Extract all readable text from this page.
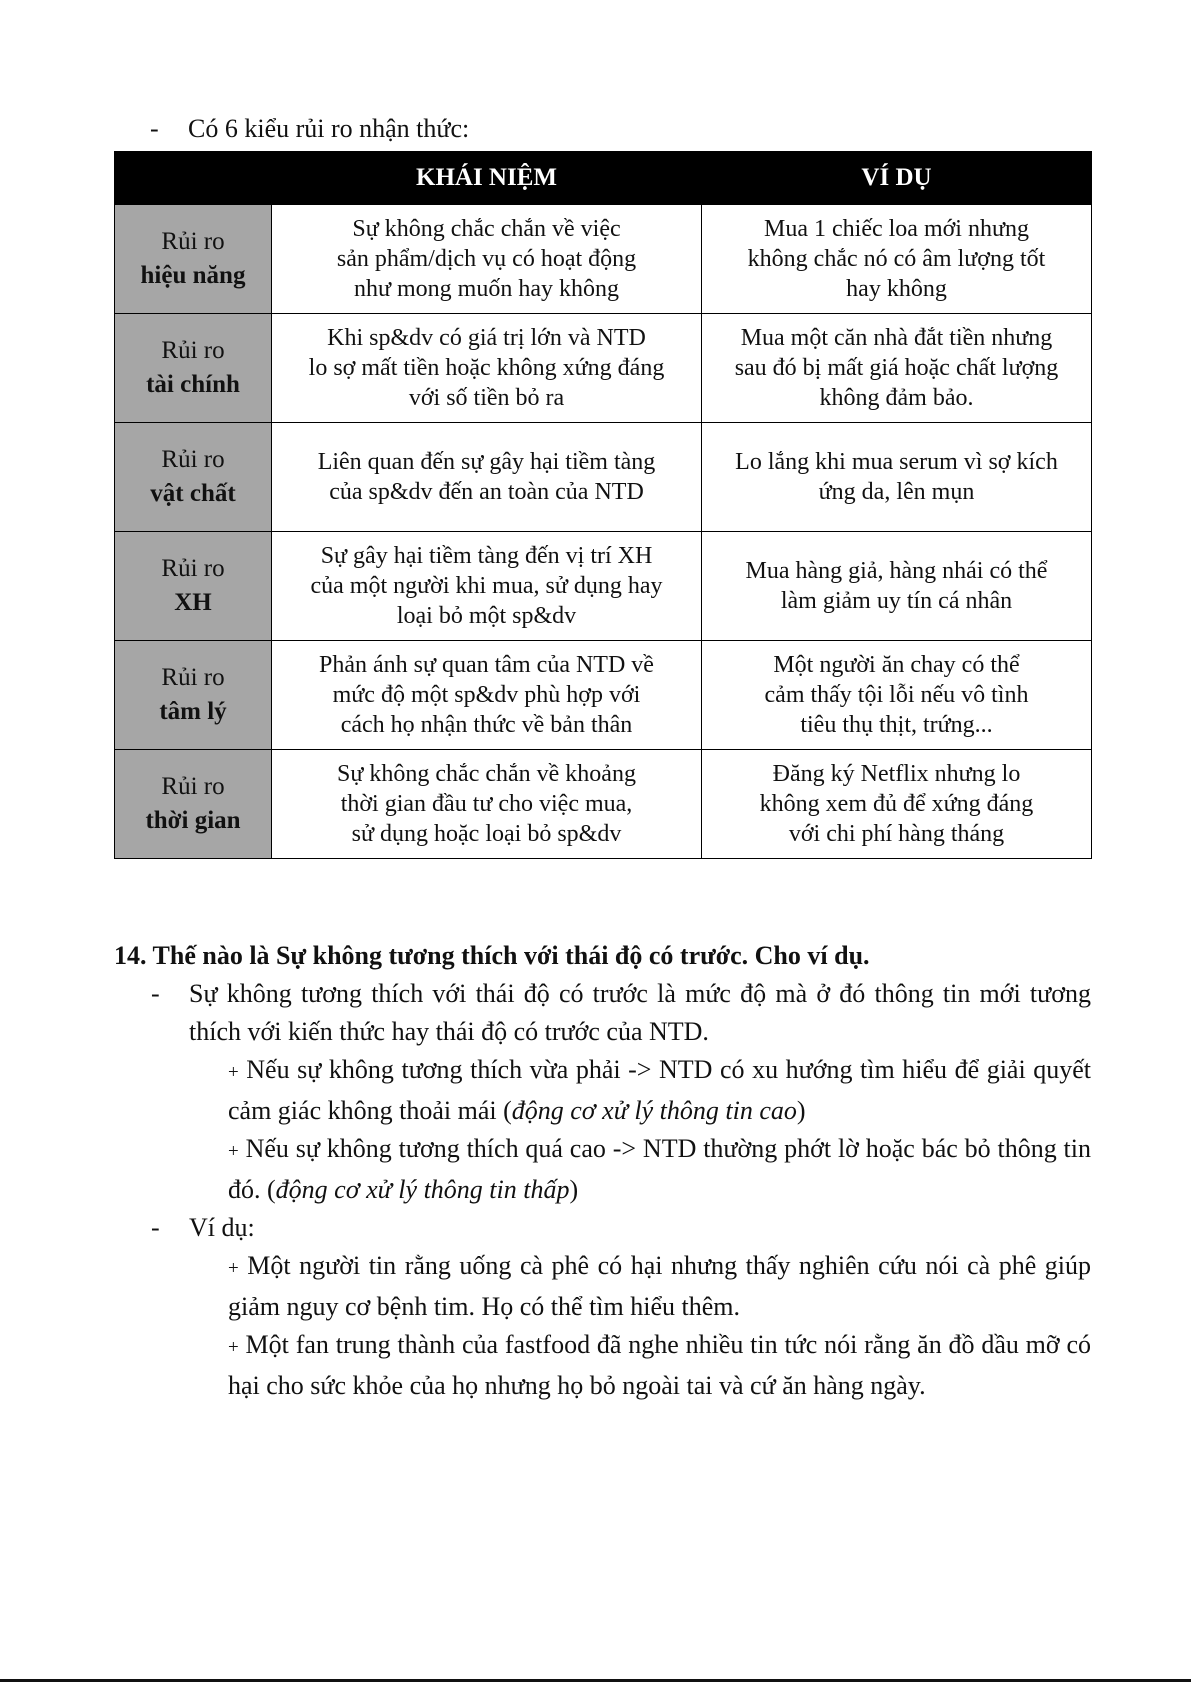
- Có 6 kiểu rủi ro nhận thức:
	KHÁI NIỆM	VÍ DỤ

Rủi ro
hiệu năng	Sự không chắc chắn về việc
sản phẩm/dịch vụ có hoạt động
như mong muốn hay không	Mua 1 chiếc loa mới nhưng
không chắc nó có âm lượng tốt
hay không

Rủi ro
tài chính	Khi sp&dv có giá trị lớn và NTD
lo sợ mất tiền hoặc không xứng đáng
với số tiền bỏ ra	Mua một căn nhà đắt tiền nhưng
sau đó bị mất giá hoặc chất lượng
không đảm bảo.

Rủi ro
vật chất	Liên quan đến sự gây hại tiềm tàng
của sp&dv đến an toàn của NTD	Lo lắng khi mua serum vì sợ kích
ứng da, lên mụn

Rủi ro
XH	Sự gây hại tiềm tàng đến vị trí XH
của một người khi mua, sử dụng hay
loại bỏ một sp&dv	Mua hàng giả, hàng nhái có thể
làm giảm uy tín cá nhân

Rủi ro
tâm lý	Phản ánh sự quan tâm của NTD về
mức độ một sp&dv phù hợp với
cách họ nhận thức về bản thân	Một người ăn chay có thể
cảm thấy tội lỗi nếu vô tình
tiêu thụ thịt, trứng...

Rủi ro
thời gian	Sự không chắc chắn về khoảng
thời gian đầu tư cho việc mua,
sử dụng hoặc loại bỏ sp&dv	Đăng ký Netflix nhưng lo
không xem đủ để xứng đáng
với chi phí hàng tháng
14. Thế nào là Sự không tương thích với thái độ có trước. Cho ví dụ.
- Sự không tương thích với thái độ có trước là mức độ mà ở đó thông tin mới tương thích với kiến thức hay thái độ có trước của NTD.
+ Nếu sự không tương thích vừa phải -> NTD có xu hướng tìm hiểu để giải quyết cảm giác không thoải mái (động cơ xử lý thông tin cao)
+ Nếu sự không tương thích quá cao -> NTD thường phớt lờ hoặc bác bỏ thông tin đó. (động cơ xử lý thông tin thấp)
- Ví dụ:
+ Một người tin rằng uống cà phê có hại nhưng thấy nghiên cứu nói cà phê giúp giảm nguy cơ bệnh tim. Họ có thể tìm hiểu thêm.
+ Một fan trung thành của fastfood đã nghe nhiều tin tức nói rằng ăn đồ dầu mỡ có hại cho sức khỏe của họ nhưng họ bỏ ngoài tai và cứ ăn hàng ngày.
